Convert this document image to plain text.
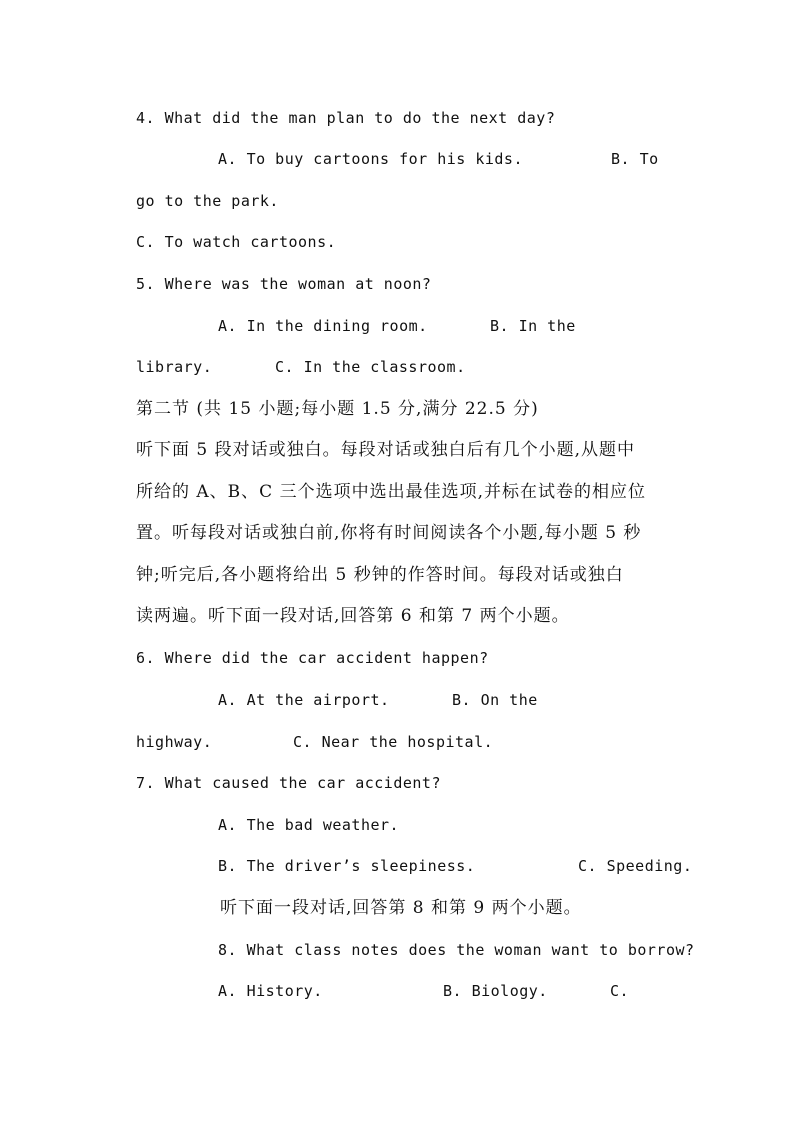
4. What did the man plan to do the next day?
A. To buy cartoons for his kids.	B. To
go to the park.
C. To watch cartoons.
5. Where was the woman at noon?
A. In the dining room.	B. In the
library.	C. In the classroom.
第二节 (共 15 小题;每小题 1.5 分,满分 22.5 分)
听下面 5 段对话或独白。每段对话或独白后有几个小题,从题中
所给的 A、B、C 三个选项中选出最佳选项,并标在试卷的相应位
置。听每段对话或独白前,你将有时间阅读各个小题,每小题 5 秒
钟;听完后,各小题将给出 5 秒钟的作答时间。每段对话或独白
读两遍。听下面一段对话,回答第 6 和第 7 两个小题。
6. Where did the car accident happen?
A. At the airport.	B. On the
highway.	C. Near the hospital.
7. What caused the car accident?
A. The bad weather.
B. The driver’s sleepiness.	C. Speeding.
听下面一段对话,回答第 8 和第 9 两个小题。
8. What class notes does the woman want to borrow?
A. History.	B. Biology.	C.
